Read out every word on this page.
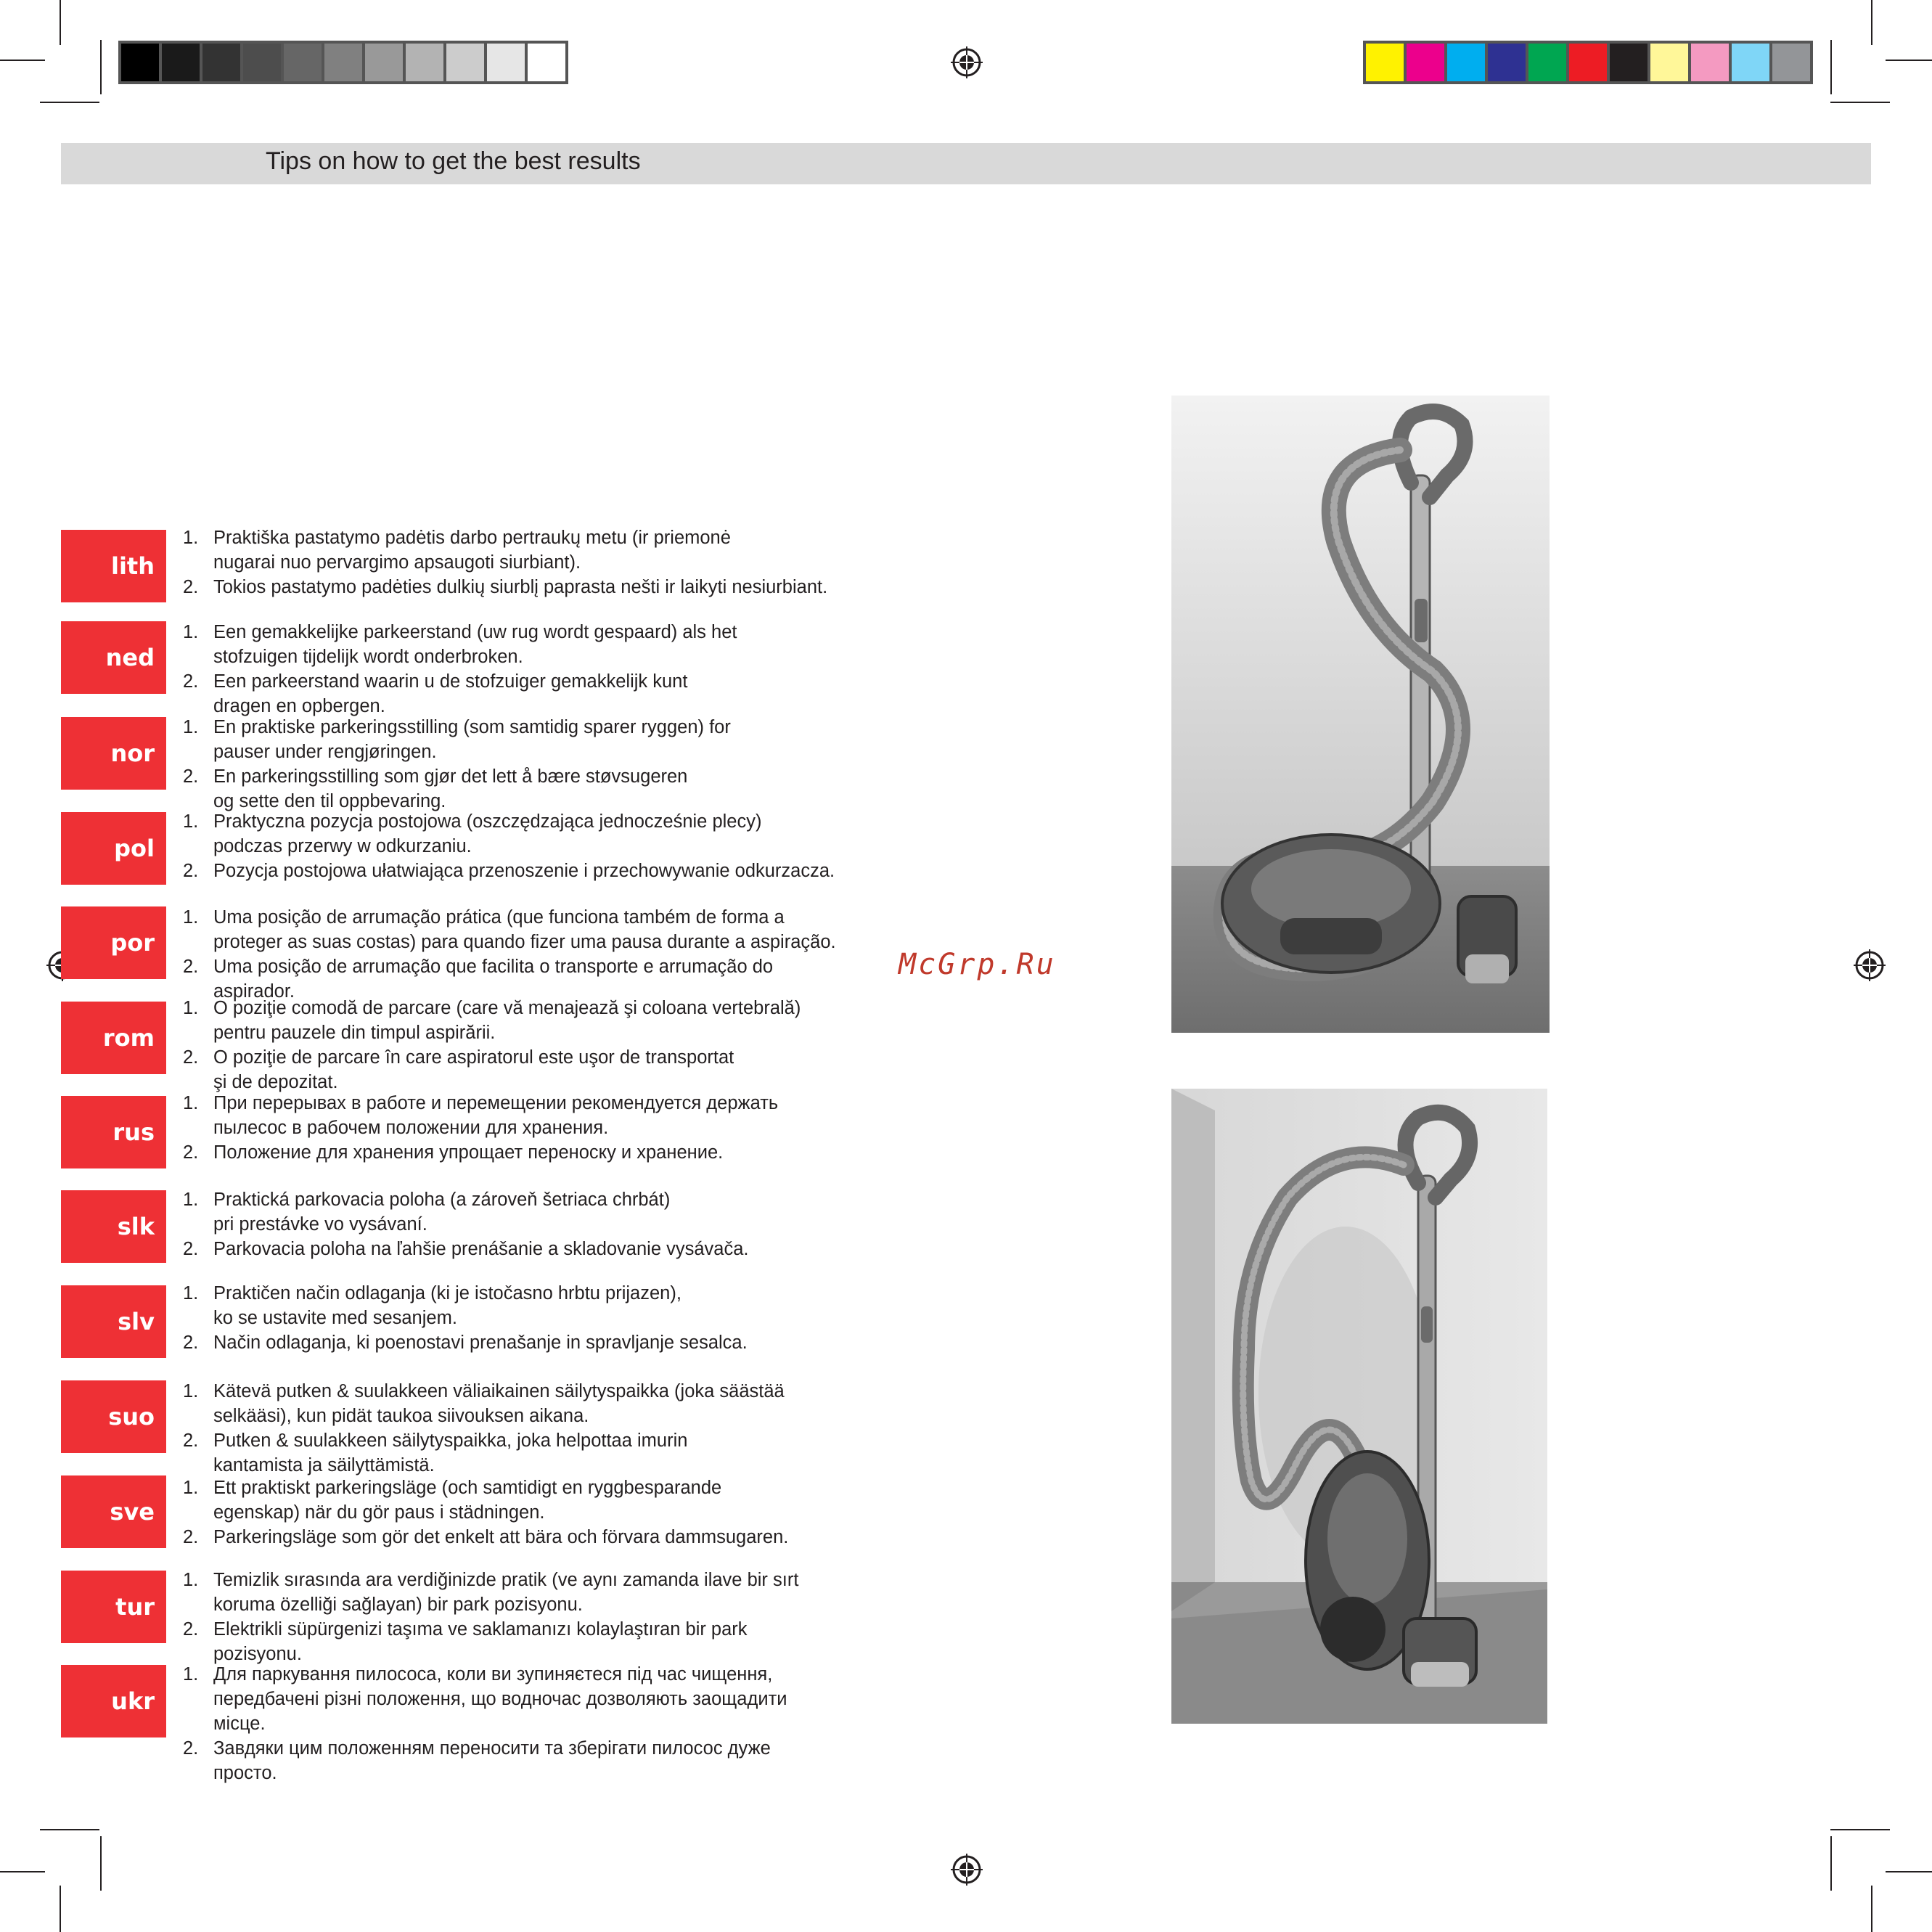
Tips on how to get the best results
lith
1. Praktiška pastatymo padėtis darbo pertraukų metu (ir priemonė
nugarai nuo pervargimo apsaugoti siurbiant).
2. Tokios pastatymo padėties dulkių siurblį paprasta nešti ir laikyti nesiurbiant.
ned
1. Een gemakkelijke parkeerstand (uw rug wordt gespaard) als het
stofzuigen tijdelijk wordt onderbroken.
2. Een parkeerstand waarin u de stofzuiger gemakkelijk kunt
dragen en opbergen.
nor
1. En praktiske parkeringsstilling (som samtidig sparer ryggen) for
pauser under rengjøringen.
2. En parkeringsstilling som gjør det lett å bære støvsugeren
og sette den til oppbevaring.
pol
1. Praktyczna pozycja postojowa (oszczędzająca jednocześnie plecy)
podczas przerwy w odkurzaniu.
2. Pozycja postojowa ułatwiająca przenoszenie i przechowywanie odkurzacza.
por
1. Uma posição de arrumação prática (que funciona também de forma a
proteger as suas costas) para quando fizer uma pausa durante a aspiração.
2. Uma posição de arrumação que facilita o transporte e arrumação do aspirador.
rom
1. O poziţie comodă de parcare (care vă menajează şi coloana vertebrală)
pentru pauzele din timpul aspirării.
2. O poziţie de parcare în care aspiratorul este uşor de transportat
şi de depozitat.
rus
1. При перерывах в работе и перемещении рекомендуется держать
пылесос в рабочем положении для хранения.
2. Положение для хранения упрощает переноску и хранение.
slk
1. Praktická parkovacia poloha (a zároveň šetriaca chrbát)
pri prestávke vo vysávaní.
2. Parkovacia poloha na ľahšie prenášanie a skladovanie vysávača.
slv
1. Praktičen način odlaganja (ki je istočasno hrbtu prijazen),
ko se ustavite med sesanjem.
2. Način odlaganja, ki poenostavi prenašanje in spravljanje sesalca.
suo
1. Kätevä putken & suulakkeen väliaikainen säilytyspaikka (joka säästää
selkääsi), kun pidät taukoa siivouksen aikana.
2. Putken & suulakkeen säilytyspaikka, joka helpottaa imurin
kantamista ja säilyttämistä.
sve
1. Ett praktiskt parkeringsläge (och samtidigt en ryggbesparande
egenskap) när du gör paus i städningen.
2. Parkeringsläge som gör det enkelt att bära och förvara dammsugaren.
tur
1. Temizlik sırasında ara verdiğinizde pratik (ve aynı zamanda ilave bir sırt
koruma özelliği sağlayan) bir park pozisyonu.
2. Elektrikli süpürgenizi taşıma ve saklamanızı kolaylaştıran bir park pozisyonu.
ukr
1. Для паркування пилососа, коли ви зупиняєтеся під час чищення,
передбачені різні положення, що водночас дозволяють заощадити місце.
2. Завдяки цим положенням переносити та зберігати пилосос дуже просто.
McGrp.Ru
